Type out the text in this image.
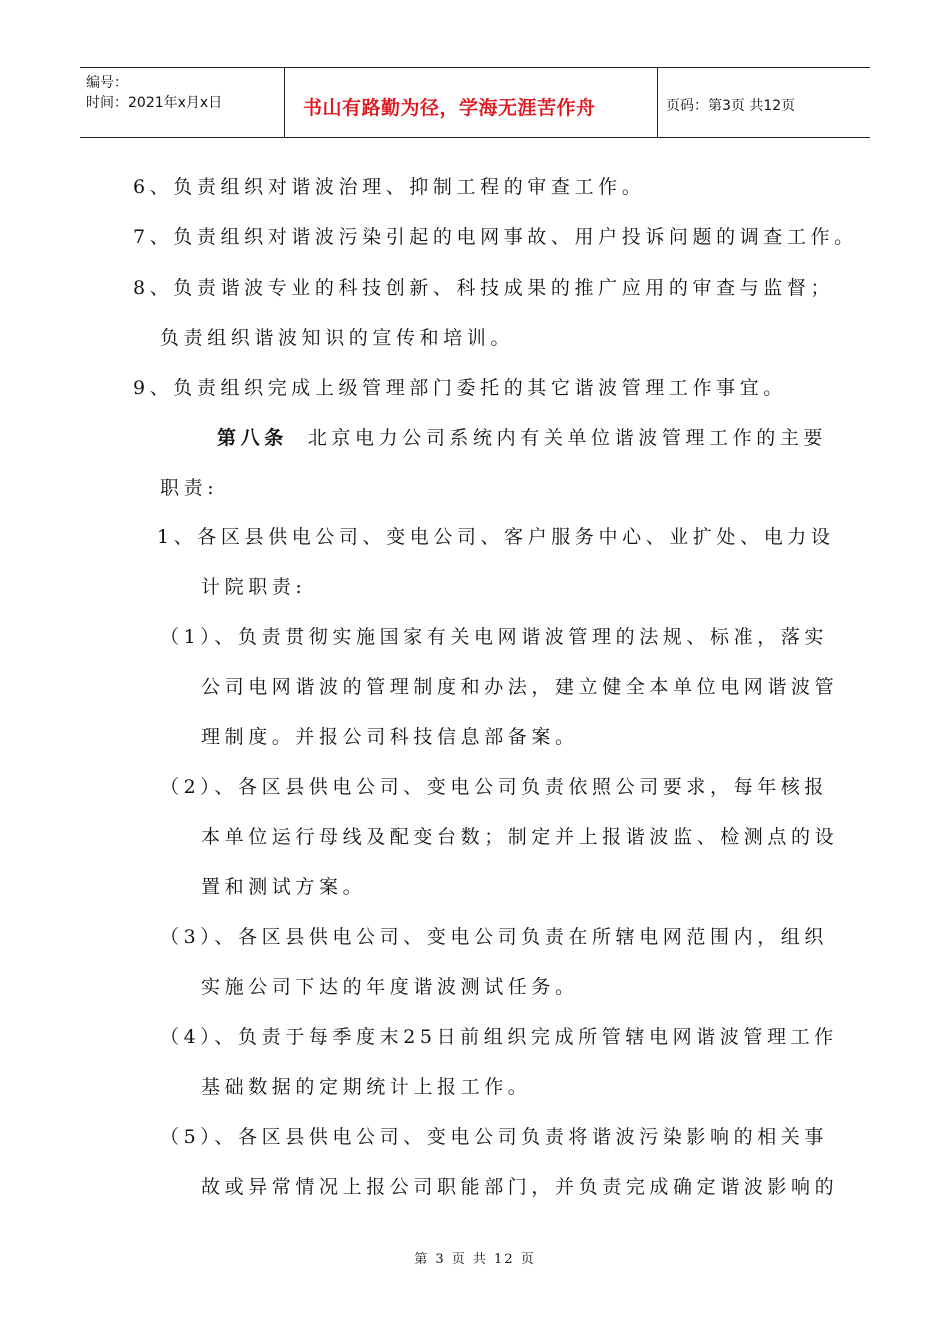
编号：
时间：2021年x月x日	书山有路勤为径，学海无涯苦作舟	页码：第3页 共12页
6、负责组织对谐波治理、抑制工程的审查工作。
7、负责组织对谐波污染引起的电网事故、用户投诉问题的调查工作。
8、负责谐波专业的科技创新、科技成果的推广应用的审查与监督；
负责组织谐波知识的宣传和培训。
9、负责组织完成上级管理部门委托的其它谐波管理工作事宜。
第八条 北京电力公司系统内有关单位谐波管理工作的主要
职责:
1、各区县供电公司、变电公司、客户服务中心、业扩处、电力设
计院职责:
（1）、负责贯彻实施国家有关电网谐波管理的法规、标准，落实
公司电网谐波的管理制度和办法，建立健全本单位电网谐波管
理制度。并报公司科技信息部备案。
（2）、各区县供电公司、变电公司负责依照公司要求，每年核报
本单位运行母线及配变台数；制定并上报谐波监、检测点的设
置和测试方案。
（3）、各区县供电公司、变电公司负责在所辖电网范围内，组织
实施公司下达的年度谐波测试任务。
（4）、负责于每季度末25日前组织完成所管辖电网谐波管理工作
基础数据的定期统计上报工作。
（5）、各区县供电公司、变电公司负责将谐波污染影响的相关事
故或异常情况上报公司职能部门，并负责完成确定谐波影响的
第 3 页 共 12 页
